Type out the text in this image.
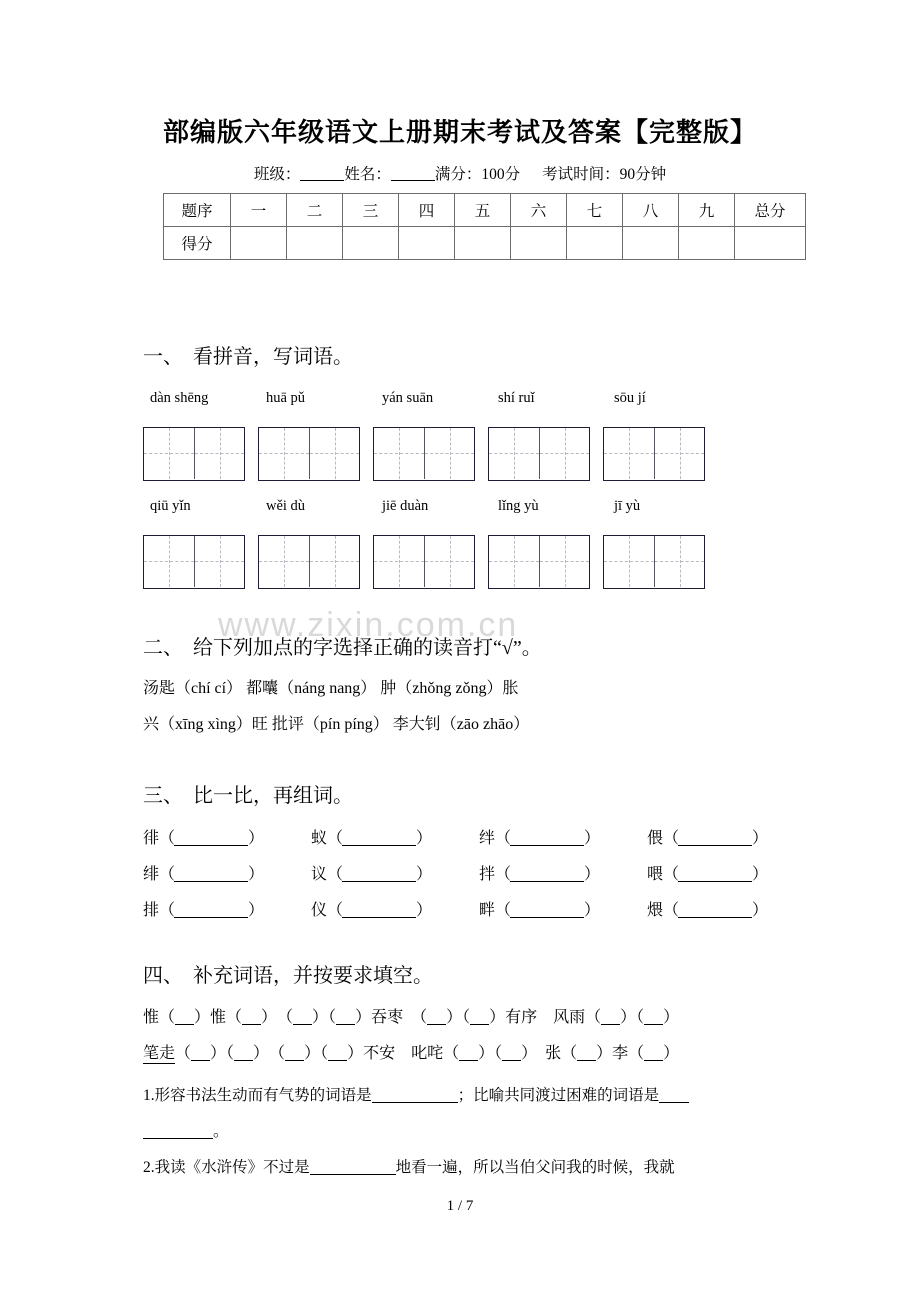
www.zixin.com.cn
部编版六年级语文上册期末考试及答案【完整版】
班级：	姓名：	满分：100分 考试时间：90分钟
题序	一	二	三	四	五	六	七	八	九	总分
得分										
一、 看拼音，写词语。
dàn shēng	huā pǔ	yán suān	shí ruǐ	sōu jí
qiū yǐn	wěi dù	jiē duàn	lǐng yù	jī yù
二、 给下列加点的字选择正确的读音打“√”。
汤匙（chí cí） 都囔（náng nang） 肿（zhǒng zǒng）胀
兴（xīng xìng）旺 批评（pín píng） 李大钊（zāo zhāo）
三、 比一比，再组词。
徘（	）	蚁（	）	绊（	）	偎（	）
绯（	）	议（	）	拌（	）	喂（	）
排（	）	仪（	）	畔（	）	煨（	）
四、 补充词语，并按要求填空。
惟（ ）惟（ ）　（ ）（ ）吞枣　（ ）（ ）有序　风雨（ ）（ ）
笔走（ ）（ ）　（ ）（ ）不安　叱咤（ ）（ ）　张（ ）李（ ）
1.形容书法生动而有气势的词语是	；比喻共同渡过困难的词语是
。
2.我读《水浒传》不过是	地看一遍，所以当伯父问我的时候，我就
1 / 7
